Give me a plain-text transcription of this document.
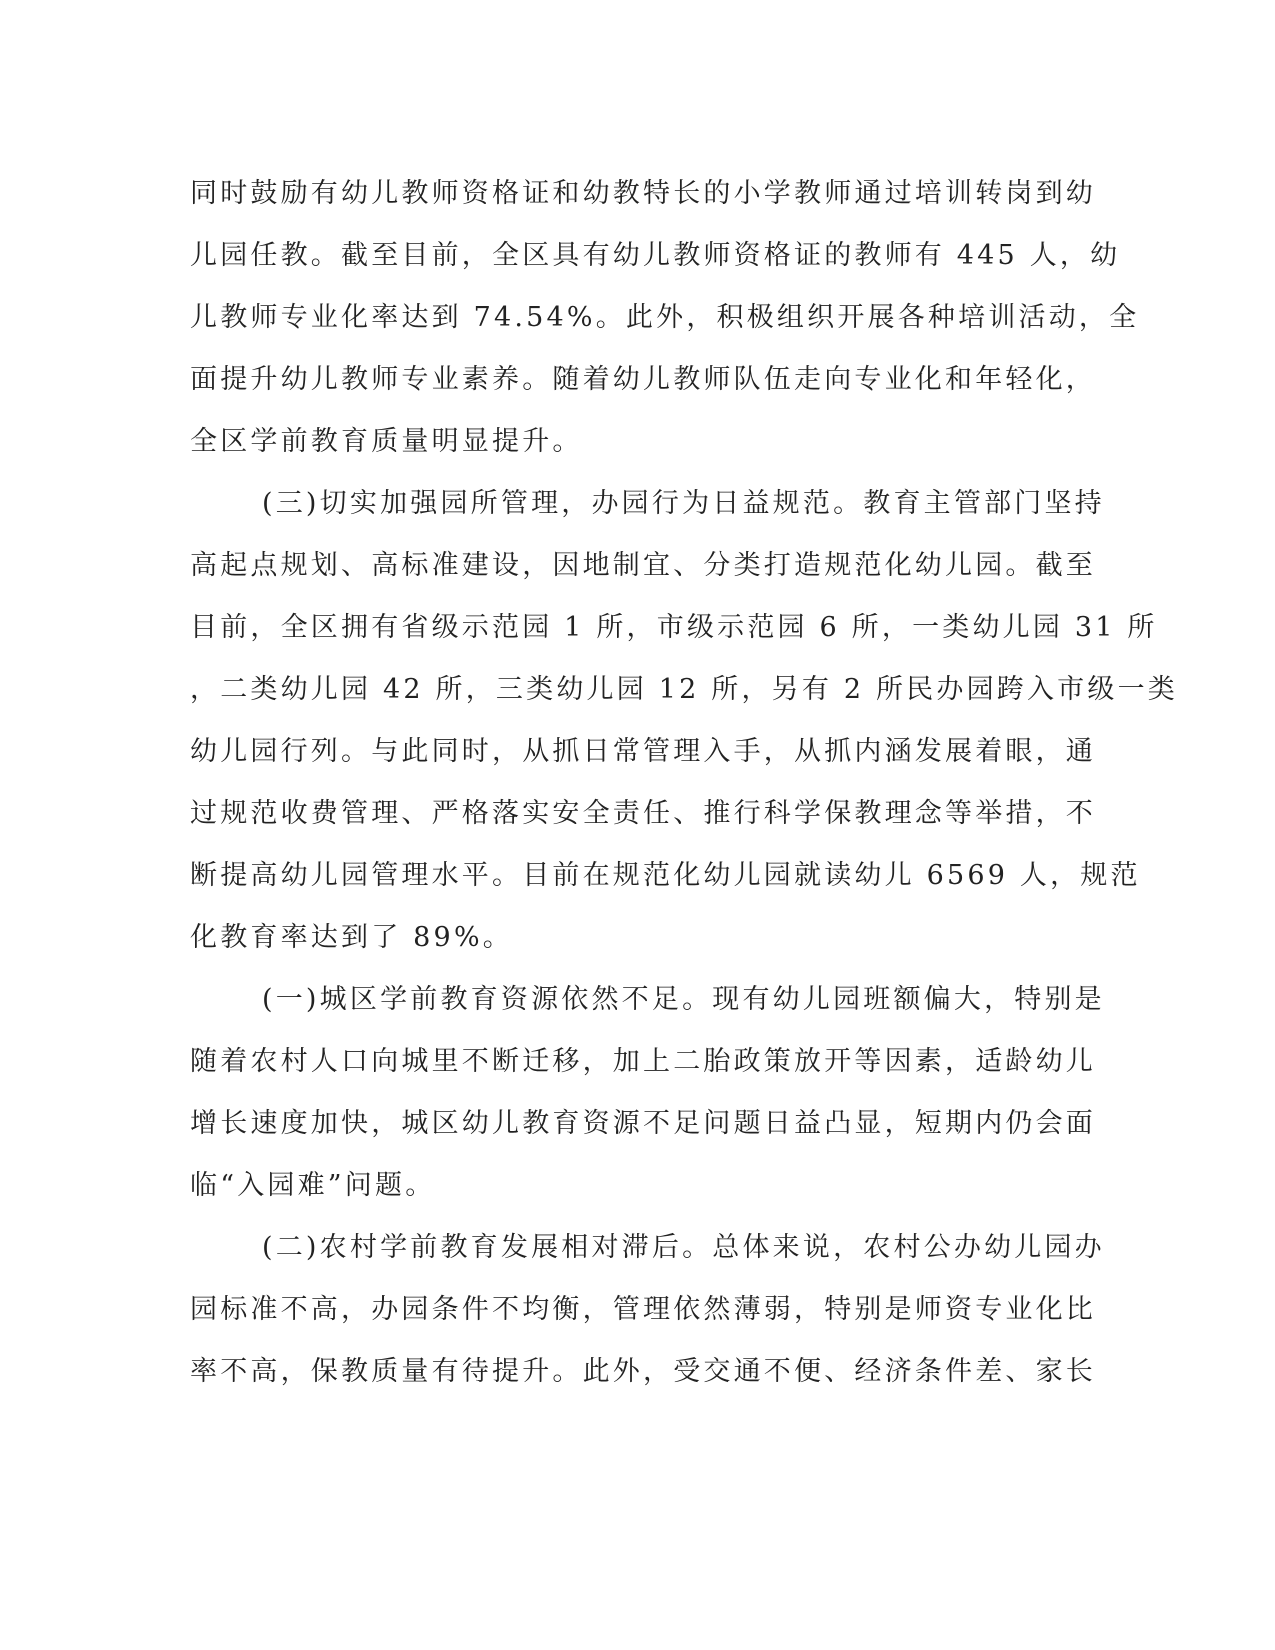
同时鼓励有幼儿教师资格证和幼教特长的小学教师通过培训转岗到幼
儿园任教。截至目前，全区具有幼儿教师资格证的教师有 445 人，幼
儿教师专业化率达到 74.54%。此外，积极组织开展各种培训活动，全
面提升幼儿教师专业素养。随着幼儿教师队伍走向专业化和年轻化，
全区学前教育质量明显提升。

(三)切实加强园所管理，办园行为日益规范。教育主管部门坚持
高起点规划、高标准建设，因地制宜、分类打造规范化幼儿园。截至
目前，全区拥有省级示范园 1 所，市级示范园 6 所，一类幼儿园 31 所
，二类幼儿园 42 所，三类幼儿园 12 所，另有 2 所民办园跨入市级一类
幼儿园行列。与此同时，从抓日常管理入手，从抓内涵发展着眼，通
过规范收费管理、严格落实安全责任、推行科学保教理念等举措，不
断提高幼儿园管理水平。目前在规范化幼儿园就读幼儿 6569 人，规范
化教育率达到了 89%。

(一)城区学前教育资源依然不足。现有幼儿园班额偏大，特别是
随着农村人口向城里不断迁移，加上二胎政策放开等因素，适龄幼儿
增长速度加快，城区幼儿教育资源不足问题日益凸显，短期内仍会面
临“入园难”问题。

(二)农村学前教育发展相对滞后。总体来说，农村公办幼儿园办
园标准不高，办园条件不均衡，管理依然薄弱，特别是师资专业化比
率不高，保教质量有待提升。此外，受交通不便、经济条件差、家长
